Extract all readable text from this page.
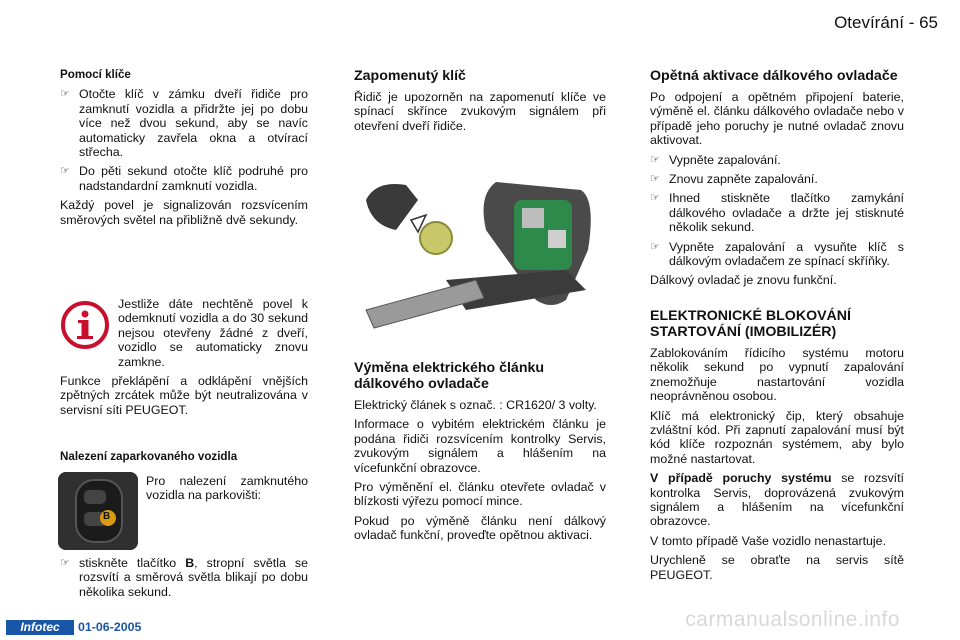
Otevírání - 65
Pomocí klíče
☞ Otočte klíč v zámku dveří řidiče pro zamknutí vozidla a přidržte jej po dobu více než dvou sekund, aby se navíc automaticky zavřela okna a otvírací střecha.
☞ Do pěti sekund otočte klíč podruhé pro nadstandardní zamknutí vozidla.

Každý povel je signalizován rozsvícením směrových světel na přibližně dvě sekundy.

Jestliže dáte nechtěně povel k odemknutí vozidla a do 30 sekund nejsou otevřeny žádné z dveří, vozidlo se automaticky znovu zamkne.

Funkce překlápění a odklápění vnějších zpětných zrcátek může být neutralizována v servisní síti PEUGEOT.

Nalezení zaparkovaného vozidla
B

Pro nalezení zamknutého vozidla na parkovišti:

☞ stiskněte tlačítko B, stropní světla se rozsvítí a směrová světla blikají po dobu několika sekund.
Zapomenutý klíč

Řidič je upozorněn na zapomenutí klíče ve spínací skřínce zvukovým signálem při otevření dveří řidiče.

Výměna elektrického článku dálkového ovladače

Elektrický článek s označ. : CR1620/ 3 volty.

Informace o vybitém elektrickém článku je podána řidiči rozsvícením kontrolky Servis, zvukovým signálem a hlášením na vícefunkční obrazovce.

Pro výměnění el. článku otevřete ovladač v blízkosti výřezu pomocí mince.

Pokud po výměně článku není dálkový ovladač funkční, proveďte opětnou aktivaci.

Opětná aktivace dálkového ovladače

Po odpojení a opětném připojení baterie, výměně el. článku dálkového ovladače nebo v případě jeho poruchy je nutné ovladač znovu aktivovat.

☞ Vypněte zapalování.
☞ Znovu zapněte zapalování.
☞ Ihned stiskněte tlačítko zamykání dálkového ovladače a držte jej stisknuté několik sekund.
☞ Vypněte zapalování a vysuňte klíč s dálkovým ovladačem ze spínací skříňky.

Dálkový ovladač je znovu funkční.

ELEKTRONICKÉ BLOKOVÁNÍ STARTOVÁNÍ (IMOBILIZÉR)

Zablokováním řídicího systému motoru několik sekund po vypnutí zapalování znemožňuje nastartování vozidla neoprávněnou osobou.

Klíč má elektronický čip, který obsahuje zvláštní kód. Při zapnutí zapalování musí být kód klíče rozpoznán systémem, aby bylo možné nastartovat.

V případě poruchy systému se rozsvítí kontrolka Servis, doprovázená zvukovým signálem a hlášením na vícefunkční obrazovce.

V tomto případě Vaše vozidlo nenastartuje.

Urychleně se obraťte na servis sítě PEUGEOT.

Infotec	01-06-2005	carmanualsonline.info
